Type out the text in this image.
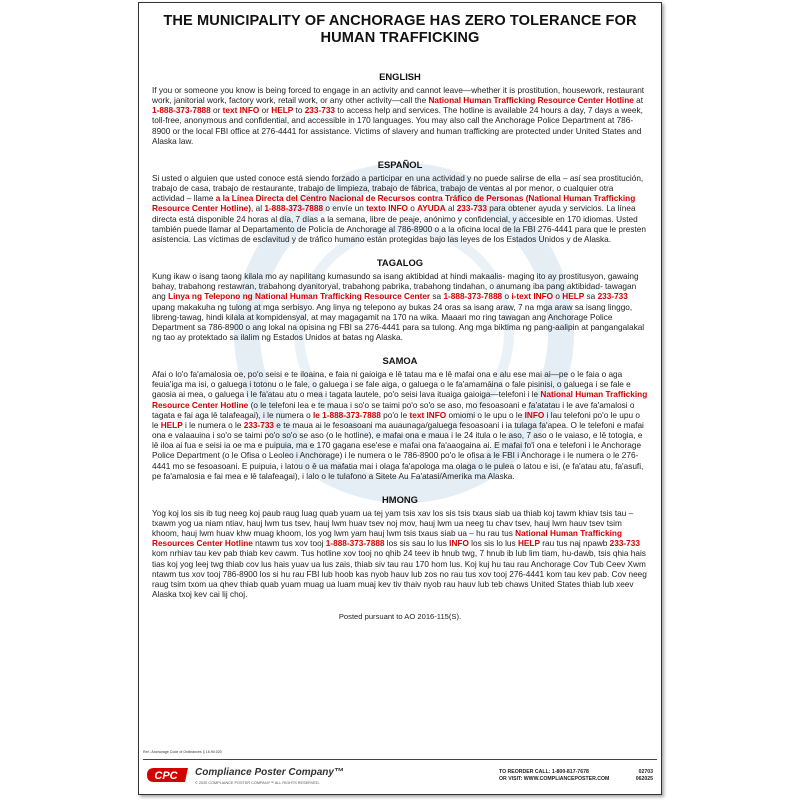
THE MUNICIPALITY OF ANCHORAGE HAS ZERO TOLERANCE FOR HUMAN TRAFFICKING
ENGLISH
If you or someone you know is being forced to engage in an activity and cannot leave—whether it is prostitution, housework, restaurant work, janitorial work, factory work, retail work, or any other activity—call the National Human Trafficking Resource Center Hotline at 1-888-373-7888 or text INFO or HELP to 233-733 to access help and services. The hotline is available 24 hours a day, 7 days a week, toll-free, anonymous and confidential, and accessible in 170 languages. You may also call the Anchorage Police Department at 786-8900 or the local FBI office at 276-4441 for assistance. Victims of slavery and human trafficking are protected under United States and Alaska law.
ESPAÑOL
Si usted o alguien que usted conoce está siendo forzado a participar en una actividad y no puede salirse de ella – así sea prostitución, trabajo de casa, trabajo de restaurante, trabajo de limpieza, trabajo de fábrica, trabajo de ventas al por menor, o cualquier otra actividad – llame a la Línea Directa del Centro Nacional de Recursos contra Tráfico de Personas (National Human Trafficking Resource Center Hotline), al 1-888-373-7888 o envíe un texto INFO o AYUDA al 233-733 para obtener ayuda y servicios. La línea directa está disponible 24 horas al día, 7 días a la semana, libre de peaje, anónimo y confidencial, y accesible en 170 idiomas. Usted también puede llamar al Departamento de Policía de Anchorage al 786-8900 o a la oficina local de la FBI 276-4441 para que le presten asistencia. Las víctimas de esclavitud y de tráfico humano están protegidas bajo las leyes de los Estados Unidos y de Alaska.
TAGALOG
Kung ikaw o isang taong kilala mo ay napilitang kumasundo sa isang aktibidad at hindi makaalis- maging ito ay prostitusyon, gawaing bahay, trabahong restawran, trabahong dyanitoryal, trabahong pabrika, trabahong tindahan, o anumang iba pang aktibidad- tawagan ang Linya ng Telepono ng National Human Trafficking Resource Center sa 1-888-373-7888 o i-text INFO o HELP sa 233-733 upang makakuha ng tulong at mga serbisyo. Ang linya ng telepono ay bukas 24 oras sa isang araw, 7 na mga araw sa isang linggo, libreng-tawag, hindi kilala at kompidensyal, at may magagamit na 170 na wika. Maaari mo ring tawagan ang Anchorage Police Department sa 786-8900 o ang lokal na opisina ng FBI sa 276-4441 para sa tulong. Ang mga biktima ng pang-aalipin at pangangalakal ng tao ay protektado sa ilalim ng Estados Unidos at batas ng Alaska.
SAMOA
Afai o lo'o fa'amalosia oe, po'o seisi e te iloaina, e faia ni gaioiga e lē tatau ma e lē mafai ona e alu ese mai ai—pe o le faia o aga feuia'iga ma isi, o galuega i totonu o le fale, o galuega i se fale aiga, o galuega o le fa'amamāina o fale pisinisi, o galuega i se fale e gaosia ai mea, o galuega i le fa'atau atu o mea i tagata lautele, po'o seisi lava ituaiga gaioiga—telefoni i le National Human Trafficking Resource Center Hotline (o le telefoni lea e te maua i so'o se taimi po'o so'o se aso, mo fesoasoani e fa'atatau i le ave fa'amalosi o tagata e fai aga lē talafeagai), i le numera o le 1-888-373-7888 po'o le text INFO omiomi o le upu o le INFO i lau telefoni po'o le upu o le HELP i le numera o le 233-733 e te maua ai le fesoasoani ma auaunaga/galuega fesoasoani i ia tulaga fa'apea. O le telefoni e mafai ona e valaauina i so'o se taimi po'o so'o se aso (o le hotline), e mafai ona e maua i le 24 itula o le aso, 7 aso o le vaiaso, e lē totogia, e lē iloa ai fua e seisi ia oe ma e puipuia, ma e 170 gagana ese'ese e mafai ona fa'aaogaina ai. E mafai fo'i ona e telefoni i le Anchorage Police Department (o le Ofisa o Leoleo i Anchorage) i le numera o le 786-8900 po'o le ofisa a le FBI i Anchorage i le numera o le 276-4441 mo se fesoasoani. E puipuia, i latou o ē ua mafatia mai i olaga fa'apologa ma olaga o le pulea o latou e isi, (e fa'atau atu, fa'asufi, pe fa'amalosia e fai mea e lē talafeagai), i lalo o le tulafono a Sitete Au Fa'atasi/Amerika ma Alaska.
HMONG
Yog koj los sis ib tug neeg koj paub raug luag quab yuam ua tej yam tsis xav los sis tsis txaus siab ua thiab koj tawm khiav tsis tau – txawm yog ua niam ntiav, hauj lwm tus tsev, hauj lwm huav tsev noj mov, hauj lwm ua neeg tu chav tsev, hauj lwm hauv tsev tsim khoom, hauj lwm huav khw muag khoom, los yog lwm yam hauj lwm tsis txaus siab ua – hu rau tus National Human Trafficking Resources Center Hotline ntawm tus xov tooj 1-888-373-7888 los sis sau lo lus INFO los sis lo lus HELP rau tus naj npawb 233-733 kom nrhiav tau kev pab thiab kev cawm. Tus hotline xov tooj no qhib 24 teev ib hnub twg, 7 hnub ib lub lim tiam, hu-dawb, tsis qhia hais tias koj yog leej twg thiab cov lus hais yuav ua lus zais, thiab siv tau rau 170 hom lus. Koj kuj hu tau rau Anchorage Cov Tub Ceev Xwm ntawm tus xov tooj 786-8900 los si hu rau FBI lub hoob kas nyob hauv lub zos no rau tus xov tooj 276-4441 kom tau kev pab. Cov neeg raug tsim txom ua qhev thiab quab yuam muag ua luam muaj kev tiv thaiv nyob rau hauv lub teb chaws United States thiab lub xeev Alaska txoj kev cai lij choj.
Posted pursuant to AO 2016-115(S).
Ref.: Anchorage Code of Ordinances § 16.90.020
CPC Compliance Poster Company™
© 2020 COMPLIANCE POSTER COMPANY™ ALL RIGHTS RESERVED.
TO REORDER CALL: 1-800-817-7678
OR VISIT: WWW.COMPLIANCEPOSTER.COM
02703
062025
